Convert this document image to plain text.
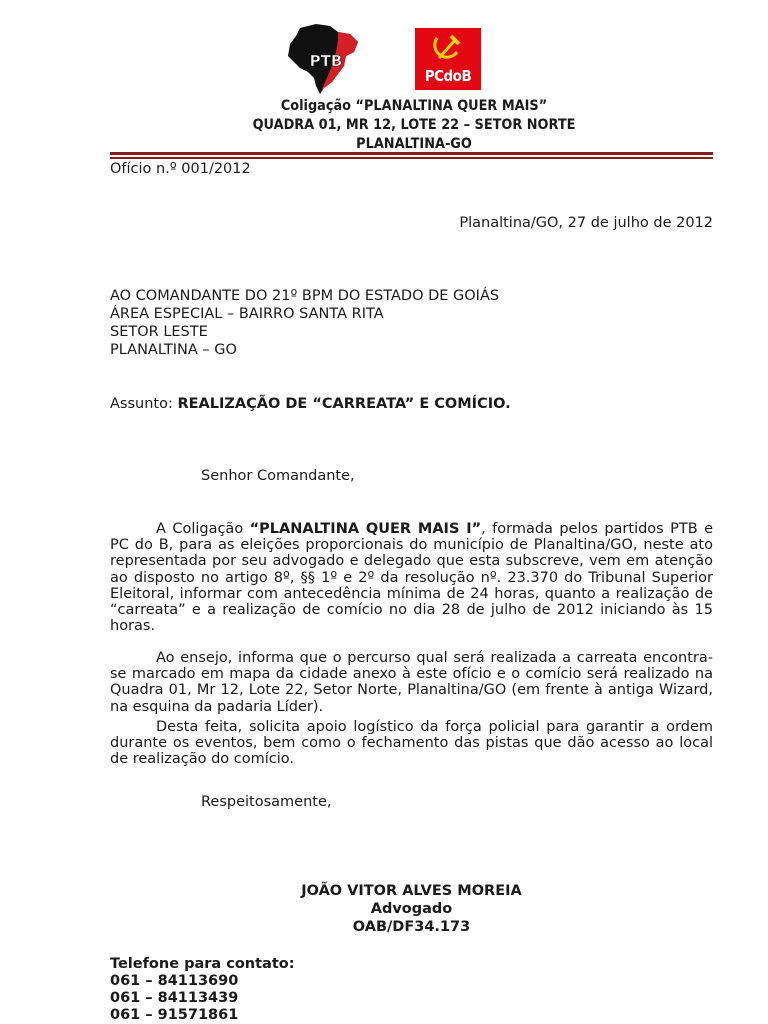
PTB
PCdoB
Coligação “PLANALTINA QUER MAIS”
QUADRA 01, MR 12, LOTE 22 – SETOR NORTE
PLANALTINA-GO
Ofício n.º 001/2012
Planaltina/GO, 27 de julho de 2012
AO COMANDANTE DO 21º BPM DO ESTADO DE GOIÁS
ÁREA ESPECIAL – BAIRRO SANTA RITA
SETOR LESTE
PLANALTINA – GO
Assunto: REALIZAÇÃO DE “CARREATA” E COMÍCIO.
Senhor Comandante,
A Coligação “PLANALTINA QUER MAIS I”, formada pelos partidos PTB e PC do B, para as eleições proporcionais do município de Planaltina/GO, neste ato representada por seu advogado e delegado que esta subscreve, vem em atenção ao disposto no artigo 8º, §§ 1º e 2º da resolução nº. 23.370 do Tribunal Superior Eleitoral, informar com antecedência mínima de 24 horas, quanto a realização de “carreata” e a realização de comício no dia 28 de julho de 2012 iniciando às 15 horas.
Ao ensejo, informa que o percurso qual será realizada a carreata encontra-se marcado em mapa da cidade anexo à este ofício e o comício será realizado na Quadra 01, Mr 12, Lote 22, Setor Norte, Planaltina/GO (em frente à antiga Wizard, na esquina da padaria Líder).
Desta feita, solicita apoio logístico da força policial para garantir a ordem durante os eventos, bem como o fechamento das pistas que dão acesso ao local de realização do comício.
Respeitosamente,
JOÃO VITOR ALVES MOREIA
Advogado
OAB/DF34.173
Telefone para contato:
061 – 84113690
061 – 84113439
061 – 91571861
